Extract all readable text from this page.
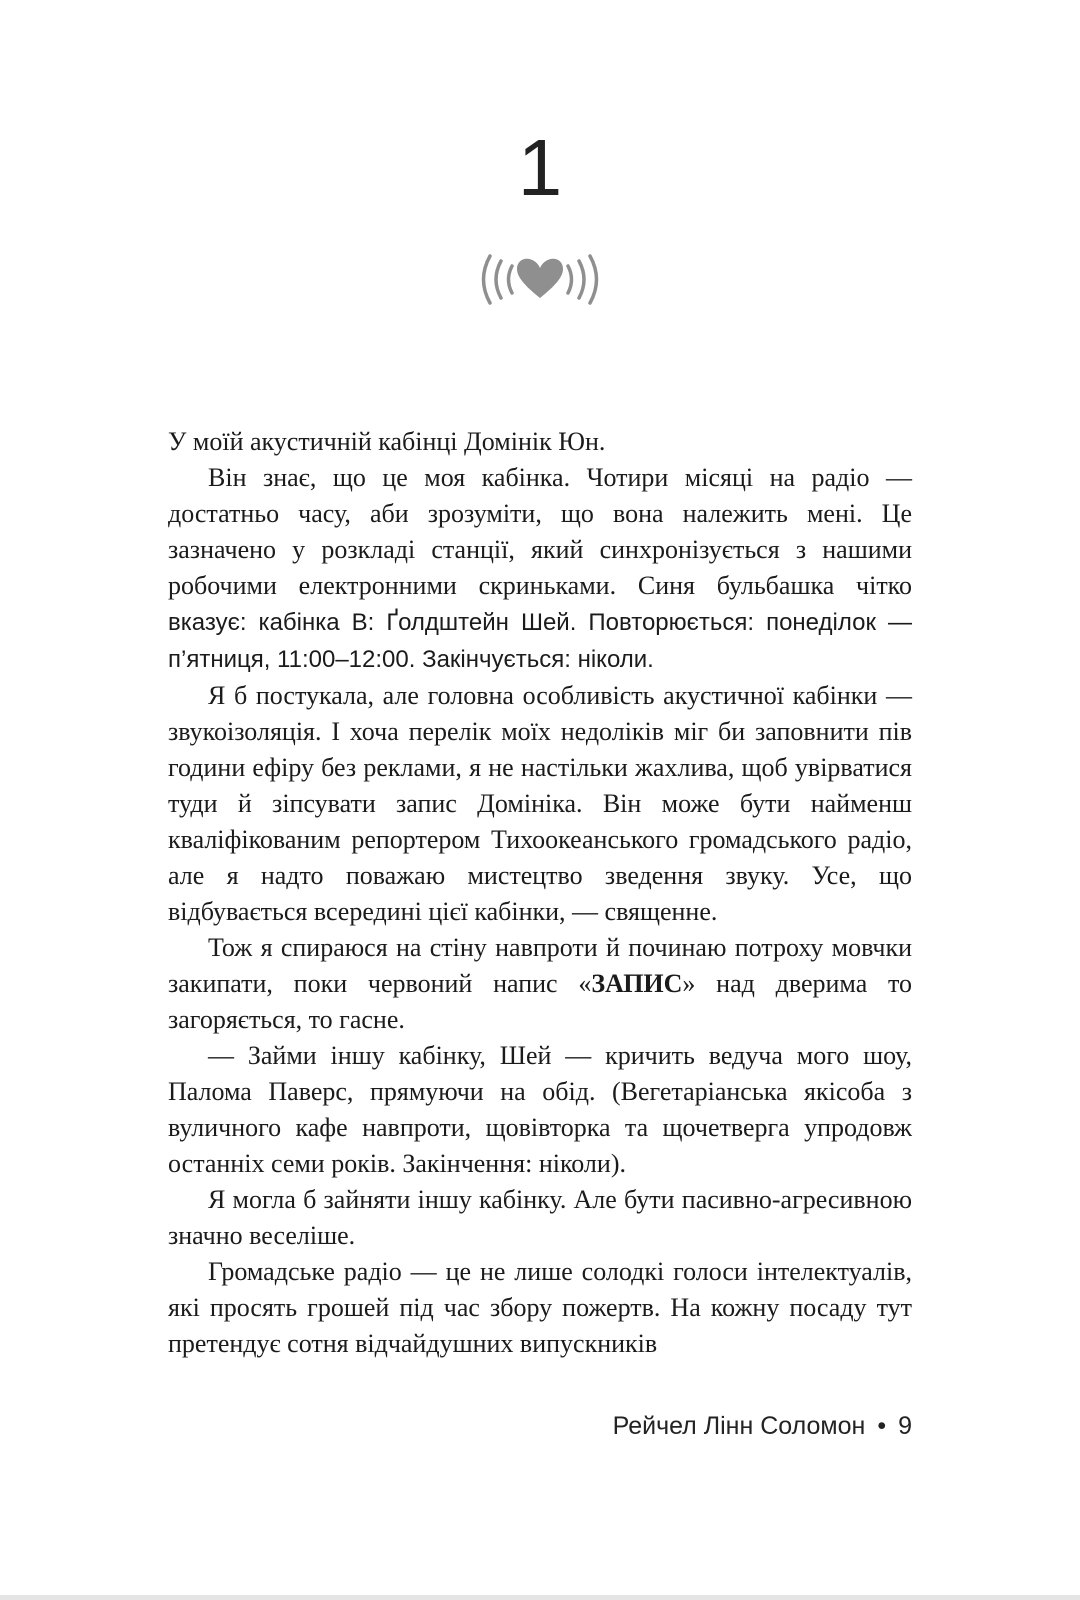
1

У моїй акустичній кабінці Домінік Юн.

Він знає, що це моя кабінка. Чотири місяці на радіо — достатньо часу, аби зрозуміти, що вона належить мені. Це зазначено у розкладі станції, який синхронізується з нашими робочими електронними скриньками. Синя бульбашка чітко вказує: кабінка В: Ґолдштейн Шей. Повторюється: понеділок — п’ятниця, 11:00–12:00. Закінчується: ніколи.

Я б постукала, але головна особливість акустичної кабінки — звукоізоляція. І хоча перелік моїх недоліків міг би заповнити пів години ефіру без реклами, я не настільки жахлива, щоб увірватися туди й зіпсувати запис Домініка. Він може бути найменш кваліфікованим репортером Тихоокеанського громадського радіо, але я надто поважаю мистецтво зведення звуку. Усе, що відбувається всередині цієї кабінки, — священне.

Тож я спираюся на стіну навпроти й починаю потроху мовчки закипати, поки червоний напис «ЗАПИС» над дверима то загоряється, то гасне.

— Займи іншу кабінку, Шей — кричить ведуча мого шоу, Палома Паверс, прямуючи на обід. (Вегетаріанська якісоба з вуличного кафе навпроти, щовівторка та щочетверга упродовж останніх семи років. Закінчення: ніколи).

Я могла б зайняти іншу кабінку. Але бути пасивно-агресивною значно веселіше.

Громадське радіо — це не лише солодкі голоси інтелектуалів, які просять грошей під час збору пожертв. На кожну посаду тут претендує сотня відчайдушних випускників

Рейчел Лінн Соломон • 9
